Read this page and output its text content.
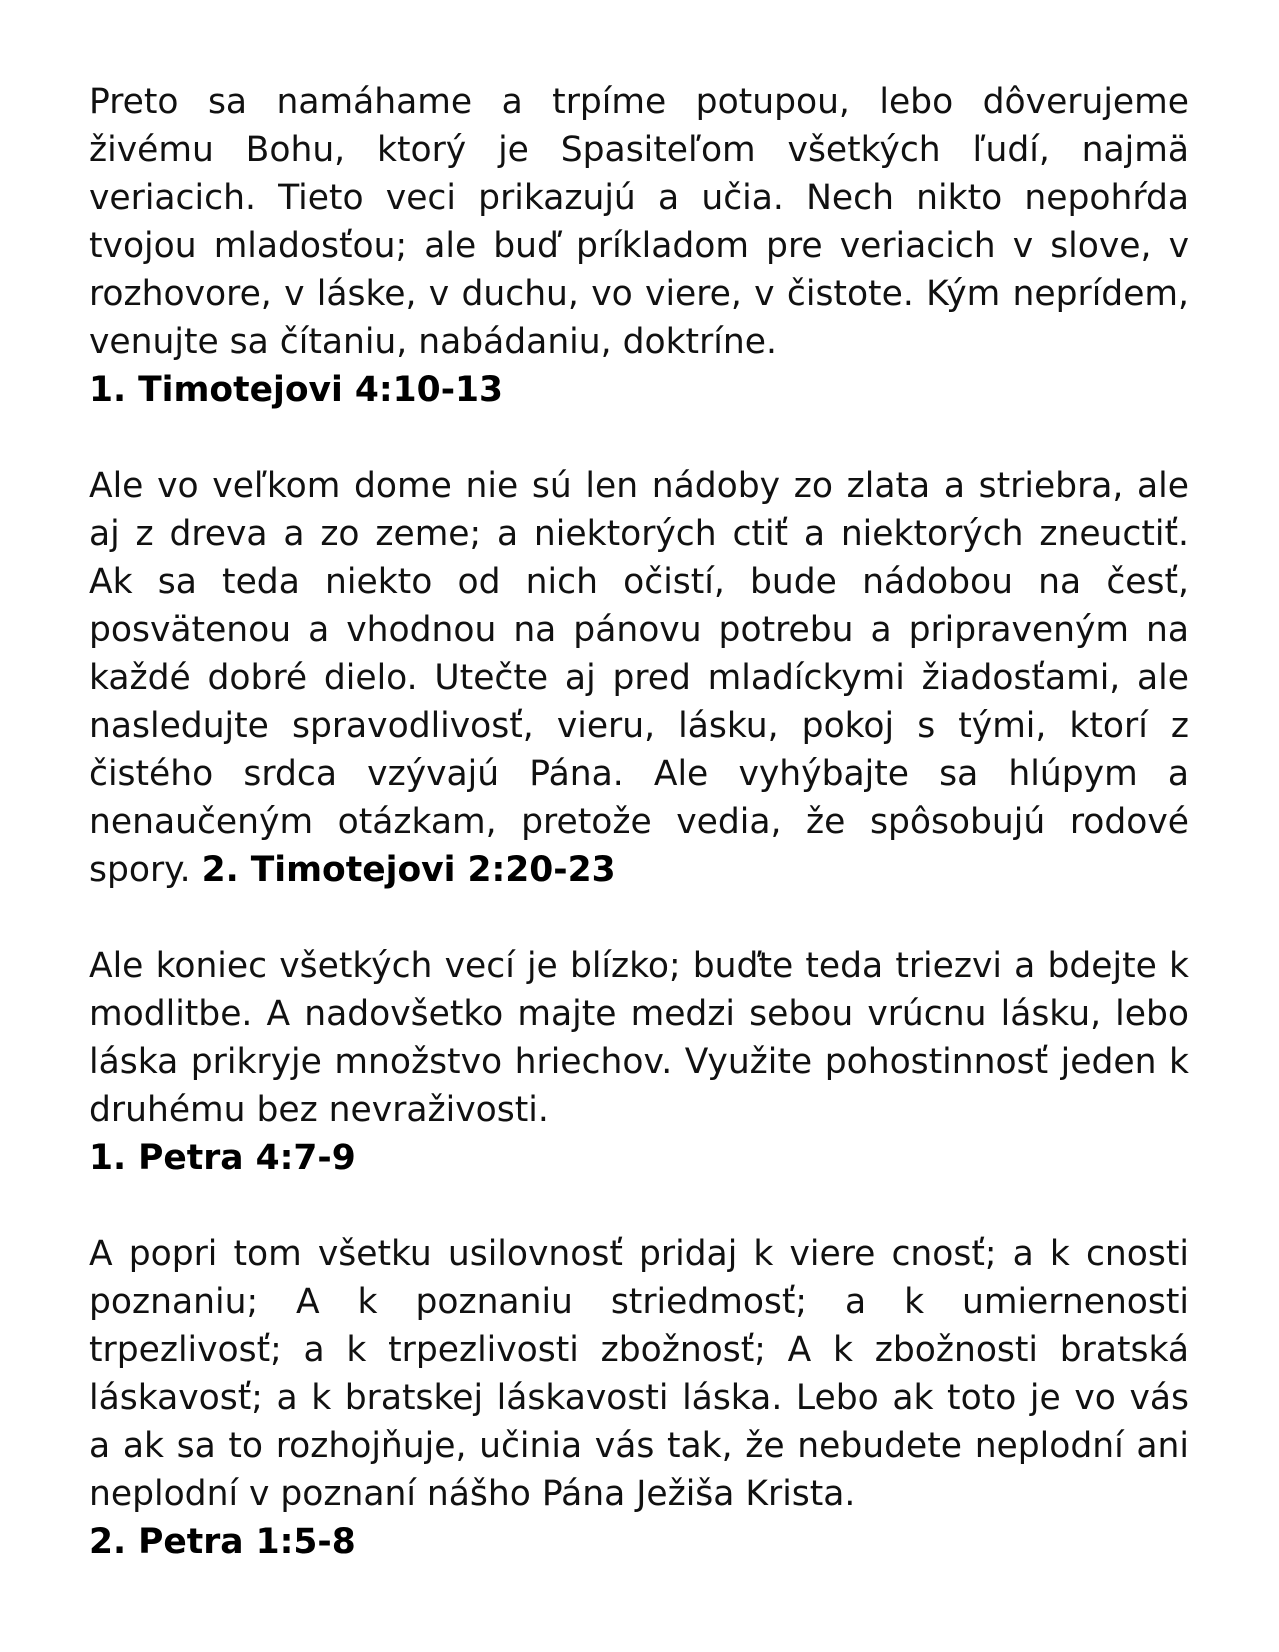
Preto sa namáhame a trpíme potupou, lebo dôverujeme živému Bohu, ktorý je Spasiteľom všetkých ľudí, najmä veriacich. Tieto veci prikazujú a učia. Nech nikto nepohŕda tvojou mladosťou; ale buď príkladom pre veriacich v slove, v rozhovore, v láske, v duchu, vo viere, v čistote. Kým neprídem, venujte sa čítaniu, nabádaniu, doktríne.

1. Timotejovi 4:10-13

Ale vo veľkom dome nie sú len nádoby zo zlata a striebra, ale aj z dreva a zo zeme; a niektorých ctiť a niektorých zneuctiť. Ak sa teda niekto od nich očistí, bude nádobou na česť, posvätenou a vhodnou na pánovu potrebu a pripraveným na každé dobré dielo. Utečte aj pred mladíckymi žiadosťami, ale nasledujte spravodlivosť, vieru, lásku, pokoj s tými, ktorí z čistého srdca vzývajú Pána. Ale vyhýbajte sa hlúpym a nenaučeným otázkam, pretože vedia, že spôsobujú rodové spory. 2. Timotejovi 2:20-23

Ale koniec všetkých vecí je blízko; buďte teda triezvi a bdejte k modlitbe. A nadovšetko majte medzi sebou vrúcnu lásku, lebo láska prikryje množstvo hriechov. Využite pohostinnosť jeden k druhému bez nevraživosti.

1. Petra 4:7-9

A popri tom všetku usilovnosť pridaj k viere cnosť; a k cnosti poznaniu; A k poznaniu striedmosť; a k umiernenosti trpezlivosť; a k trpezlivosti zbožnosť; A k zbožnosti bratská láskavosť; a k bratskej láskavosti láska. Lebo ak toto je vo vás a ak sa to rozhojňuje, učinia vás tak, že nebudete neplodní ani neplodní v poznaní nášho Pána Ježiša Krista.

2. Petra 1:5-8
